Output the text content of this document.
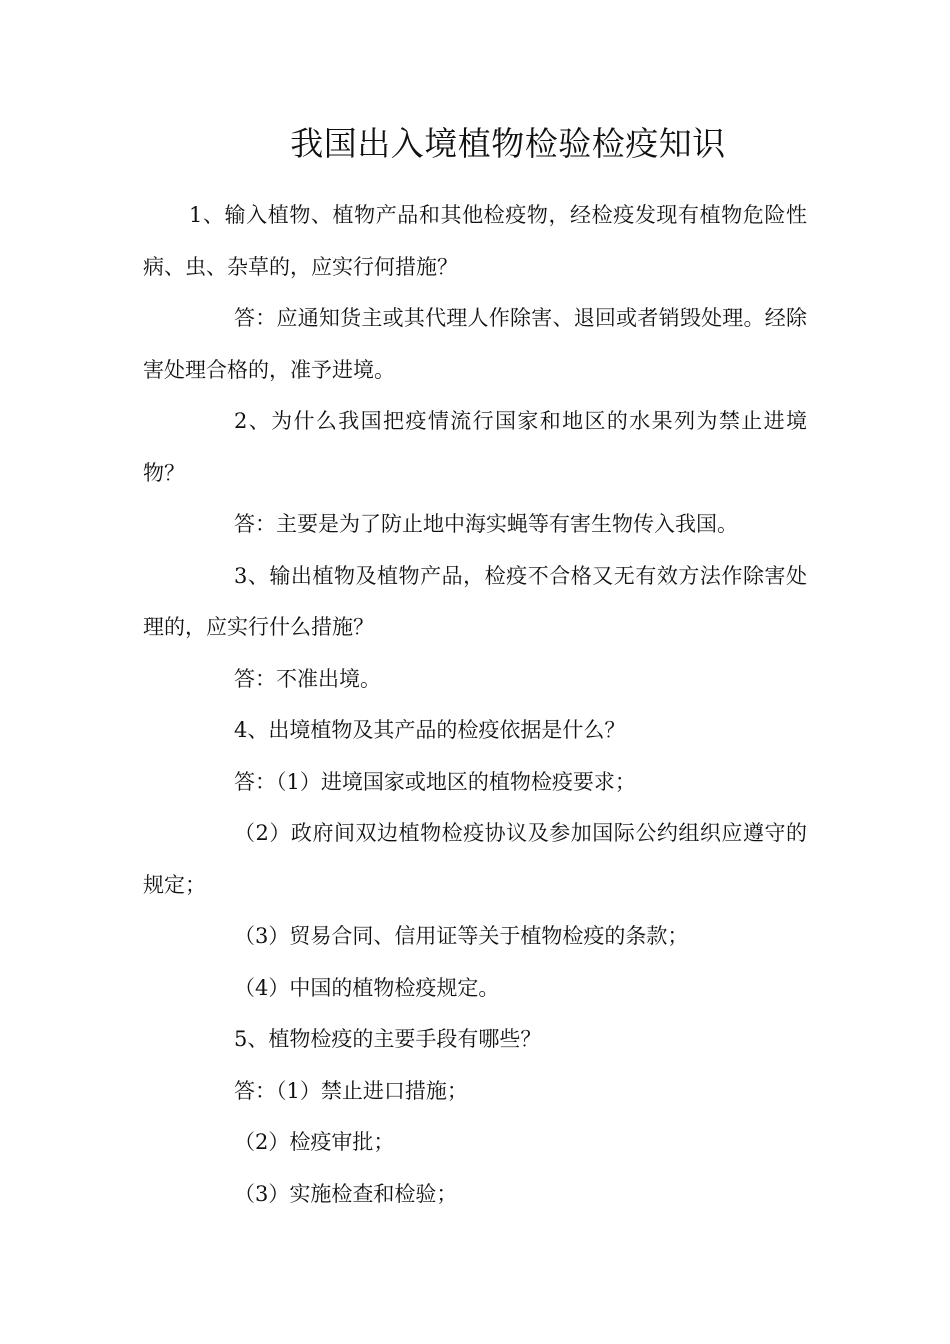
我国出入境植物检验检疫知识

1、输入植物、植物产品和其他检疫物，经检疫发现有植物危险性病、虫、杂草的，应实行何措施？

答：应通知货主或其代理人作除害、退回或者销毁处理。经除害处理合格的，准予进境。

2、为什么我国把疫情流行国家和地区的水果列为禁止进境物？

答：主要是为了防止地中海实蝇等有害生物传入我国。

3、输出植物及植物产品，检疫不合格又无有效方法作除害处理的，应实行什么措施？

答：不准出境。

4、出境植物及其产品的检疫依据是什么？

答：（1）进境国家或地区的植物检疫要求；

（2）政府间双边植物检疫协议及参加国际公约组织应遵守的规定；

（3）贸易合同、信用证等关于植物检疫的条款；

（4）中国的植物检疫规定。

5、植物检疫的主要手段有哪些？

答：（1）禁止进口措施；

（2）检疫审批；

（3）实施检查和检验；
